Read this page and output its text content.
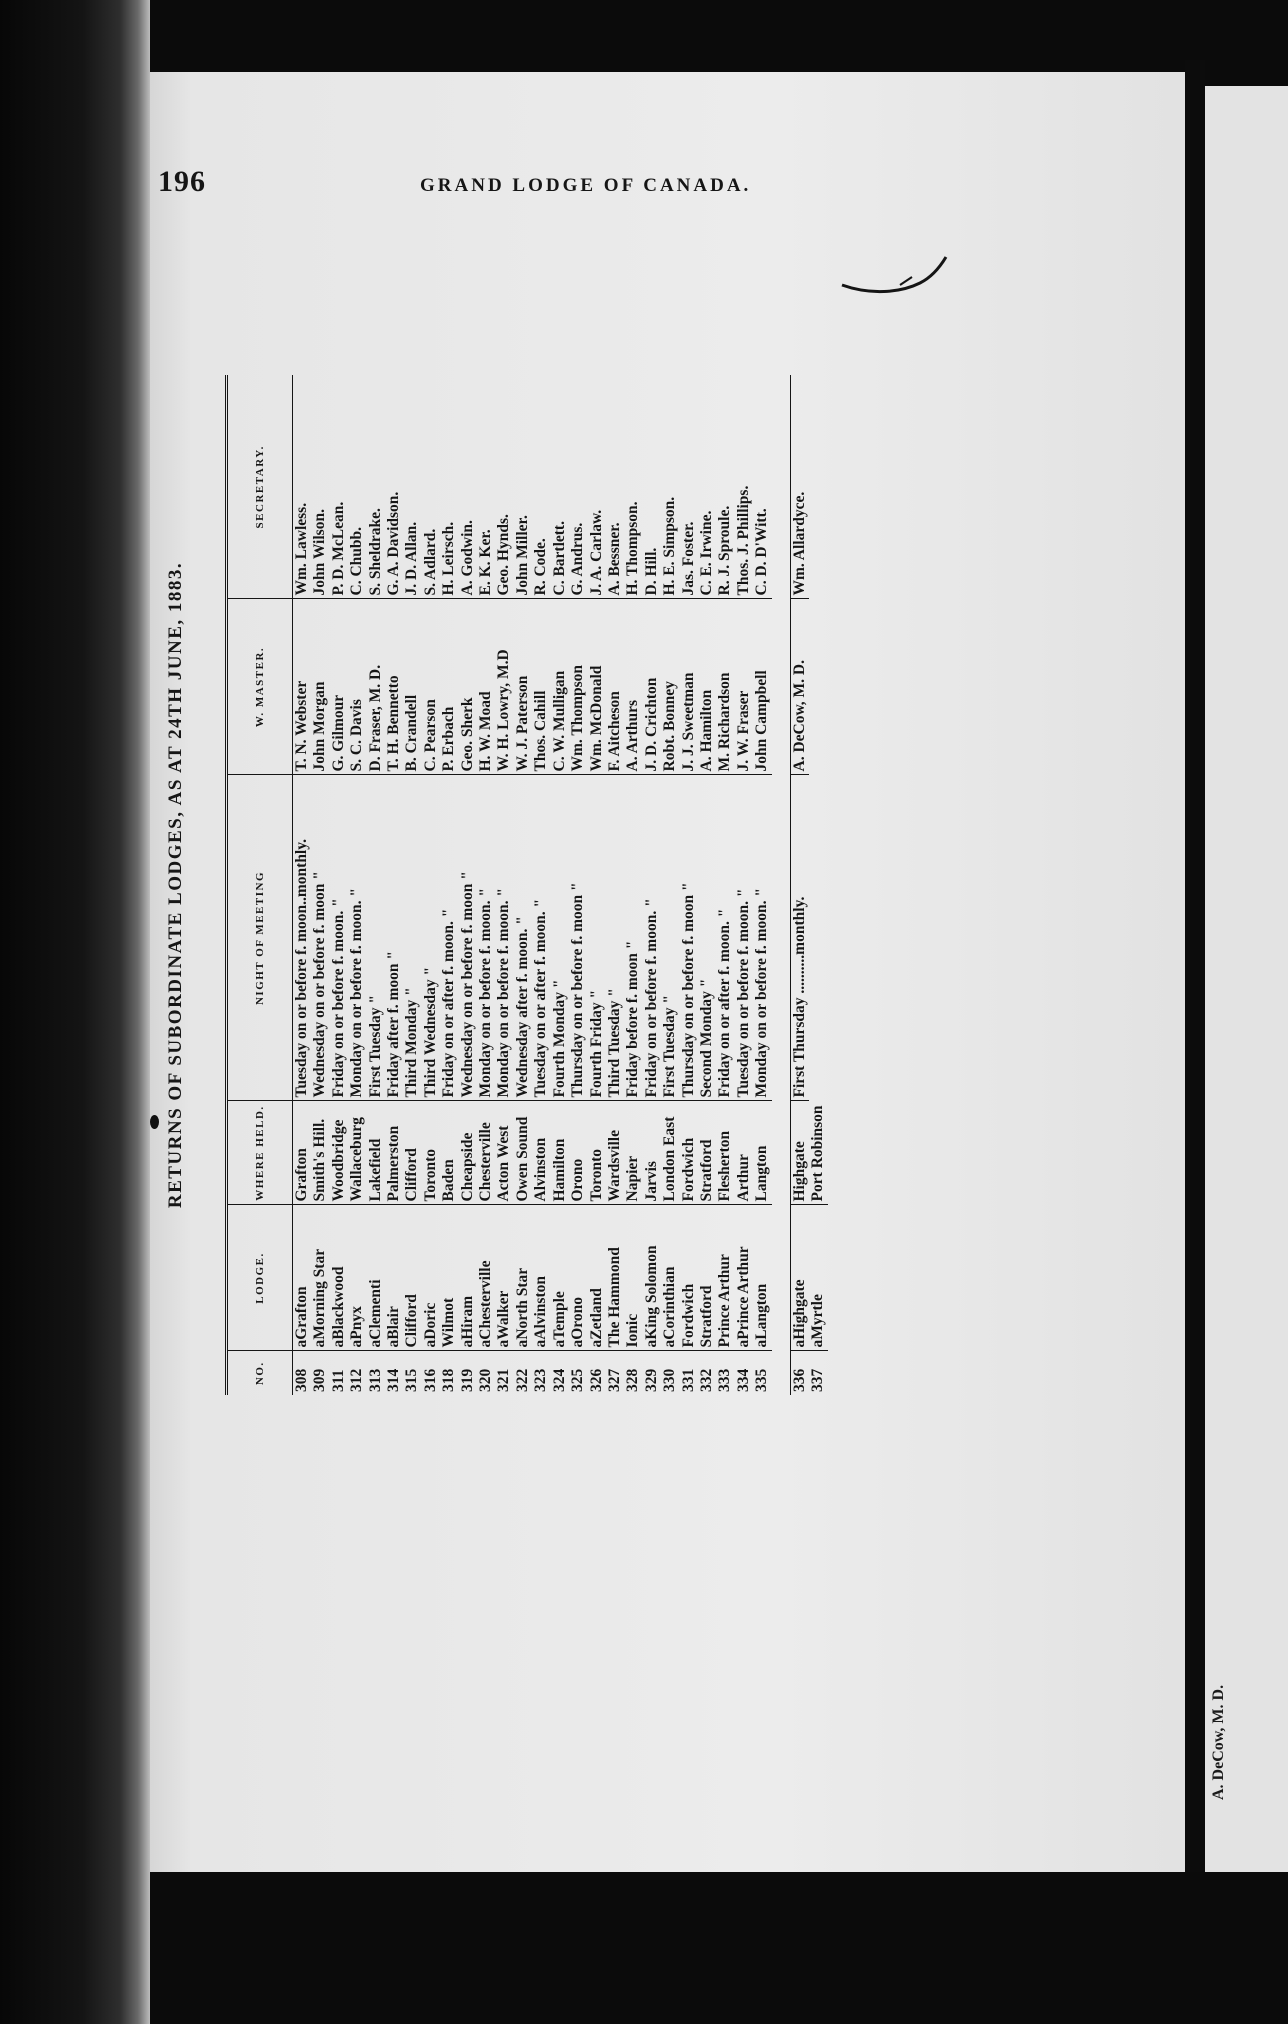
196	GRAND LODGE OF CANADA.
RETURNS OF SUBORDINATE LODGES, AS AT 24TH JUNE, 1883.
NO.	LODGE.	WHERE HELD.	NIGHT OF MEETING	W. MASTER.	SECRETARY.
308	aGrafton	Grafton	Tuesday on or before f. moon..monthly.	T. N. Webster	Wm. Lawless.
309	aMorning Star	Smith's Hill.	Wednesday on or before f. moon "	John Morgan	John Wilson.
311	aBlackwood	Woodbridge	Friday on or before f. moon. "	G. Gilmour	P. D. McLean.
312	aPnyx	Wallaceburg	Monday on or before f. moon. "	S. C. Davis	C. Chubb.
313	aClementi	Lakefield	First Tuesday "	D. Fraser, M. D.	S. Sheldrake.
314	aBlair	Palmerston	Friday after f. moon "	T. H. Bennetto	G. A. Davidson.
315	Clifford	Clifford	Third Monday "	B. Crandell	J. D. Allan.
316	aDoric	Toronto	Third Wednesday "	C. Pearson	S. Adlard.
318	Wilmot	Baden	Friday on or after f. moon. "	P. Erbach	H. Leirsch.
319	aHiram	Cheapside	Wednesday on or before f. moon "	Geo. Sherk	A. Godwin.
320	aChesterville	Chesterville	Monday on or before f. moon. "	H. W. Moad	E. K. Ker.
321	aWalker	Acton West	Monday on or before f. moon. "	W. H. Lowry, M.D	Geo. Hynds.
322	aNorth Star	Owen Sound	Wednesday after f. moon. "	W. J. Paterson	John Miller.
323	aAlvinston	Alvinston	Tuesday on or after f. moon. "	Thos. Cahill	R. Code.
324	aTemple	Hamilton	Fourth Monday "	C. W. Mulligan	C. Bartlett.
325	aOrono	Orono	Thursday on or before f. moon "	Wm. Thompson	G. Andrus.
326	aZetland	Toronto	Fourth Friday "	Wm. McDonald	J. A. Carlaw.
327	The Hammond	Wardsville	Third Tuesday "	F. Aitcheson	A. Bessner.
328	Ionic	Napier	Friday before f. moon "	A. Arthurs	H. Thompson.
329	aKing Solomon	Jarvis	Friday on or before f. moon. "	J. D. Crichton	D. Hill.
330	aCorinthian	London East	First Tuesday "	Robt. Bonney	H. E. Simpson.
331	Fordwich	Fordwich	Thursday on or before f. moon "	J. J. Sweetman	Jas. Foster.
332	Stratford	Stratford	Second Monday "	A. Hamilton	C. E. Irwine.
333	Prince Arthur	Flesherton	Friday on or after f. moon. "	M. Richardson	R. J. Sproule.
334	aPrince Arthur	Arthur	Tuesday on or before f. moon. "	J. W. Fraser	Thos. J. Phillips.
335	aLangton	Langton	Monday on or before f. moon. "	John Campbell	C. D. D'Witt.

336	aHighgate	Highgate	First Thursday ..........monthly.	A. DeCow, M. D.	Wm. Allardyce.
337	aMyrtle	Port Robinson			
A. DeCow, M. D.
